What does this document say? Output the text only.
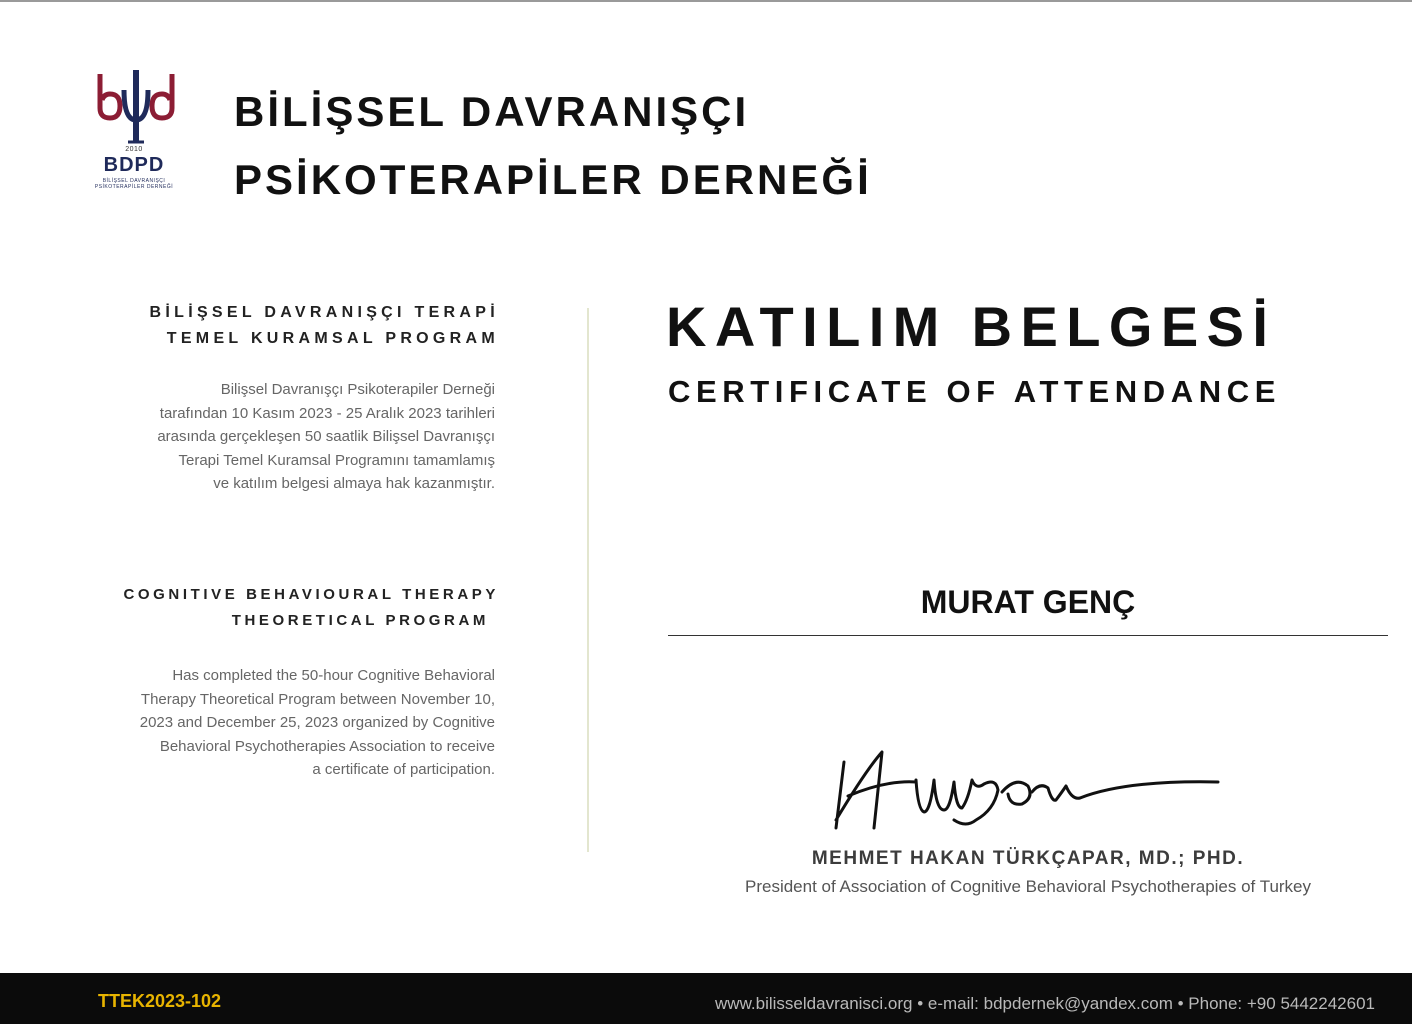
2010
BDPD
BİLİŞSEL DAVRANIŞÇI
PSİKOTERAPİLER DERNEĞİ
BİLİŞSEL DAVRANIŞÇI
PSİKOTERAPİLER DERNEĞİ
BİLİŞSEL DAVRANIŞÇI TERAPİ
TEMEL KURAMSAL PROGRAM
Bilişsel Davranışçı Psikoterapiler Derneği
tarafından 10 Kasım 2023 - 25 Aralık 2023 tarihleri
arasında gerçekleşen 50 saatlik Bilişsel Davranışçı
Terapi Temel Kuramsal Programını tamamlamış
ve katılım belgesi almaya hak kazanmıştır.
COGNITIVE BEHAVIOURAL THERAPY
THEORETICAL PROGRAM
Has completed the 50-hour Cognitive Behavioral
Therapy Theoretical Program between November 10,
2023 and December 25, 2023 organized by Cognitive
Behavioral Psychotherapies Association to receive
a certificate of participation.
KATILIM BELGESİ
CERTIFICATE OF ATTENDANCE
MURAT GENÇ
MEHMET HAKAN TÜRKÇAPAR, MD.; PHD.
President of Association of Cognitive Behavioral Psychotherapies of Turkey
TTEK2023-102	www.bilisseldavranisci.org • e-mail: bdpdernek@yandex.com • Phone: +90 5442242601
